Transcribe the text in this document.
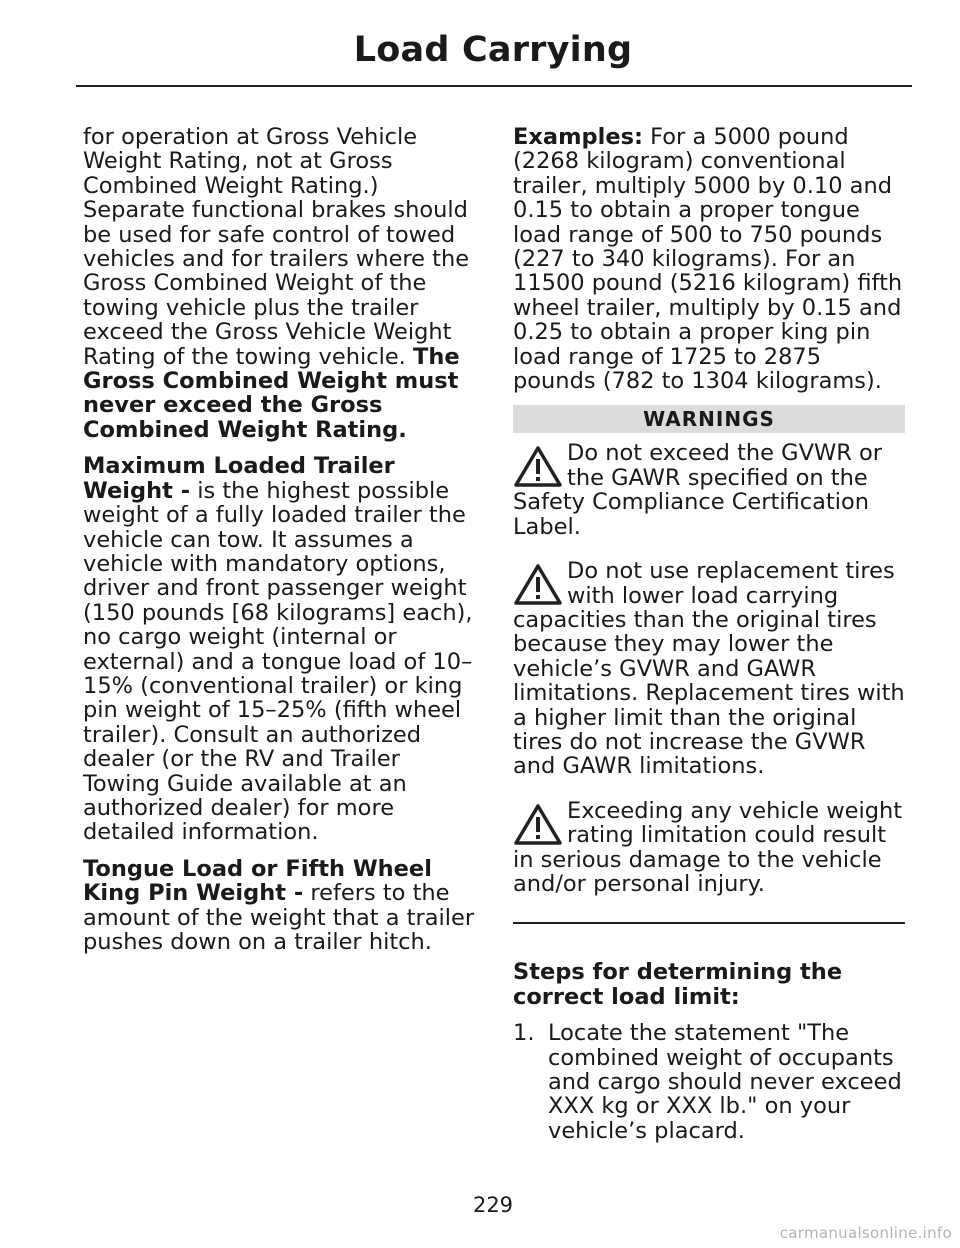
Load Carrying

for operation at Gross Vehicle Weight Rating, not at Gross Combined Weight Rating.) Separate functional brakes should be used for safe control of towed vehicles and for trailers where the Gross Combined Weight of the towing vehicle plus the trailer exceed the Gross Vehicle Weight Rating of the towing vehicle. The Gross Combined Weight must never exceed the Gross Combined Weight Rating.

Maximum Loaded Trailer Weight - is the highest possible weight of a fully loaded trailer the vehicle can tow. It assumes a vehicle with mandatory options, driver and front passenger weight (150 pounds [68 kilograms] each), no cargo weight (internal or external) and a tongue load of 10–15% (conventional trailer) or king pin weight of 15–25% (fifth wheel trailer). Consult an authorized dealer (or the RV and Trailer Towing Guide available at an authorized dealer) for more detailed information.

Tongue Load or Fifth Wheel King Pin Weight - refers to the amount of the weight that a trailer pushes down on a trailer hitch.

Examples: For a 5000 pound (2268 kilogram) conventional trailer, multiply 5000 by 0.10 and 0.15 to obtain a proper tongue load range of 500 to 750 pounds (227 to 340 kilograms). For an 11500 pound (5216 kilogram) fifth wheel trailer, multiply by 0.15 and 0.25 to obtain a proper king pin load range of 1725 to 2875 pounds (782 to 1304 kilograms).

WARNINGS
Do not exceed the GVWR or the GAWR specified on the Safety Compliance Certification Label.
Do not use replacement tires with lower load carrying capacities than the original tires because they may lower the vehicle’s GVWR and GAWR limitations. Replacement tires with a higher limit than the original tires do not increase the GVWR and GAWR limitations.
Exceeding any vehicle weight rating limitation could result in serious damage to the vehicle and/or personal injury.

Steps for determining the correct load limit:

1. Locate the statement "The combined weight of occupants and cargo should never exceed XXX kg or XXX lb." on your vehicle’s placard.
229
carmanualsonline.info
